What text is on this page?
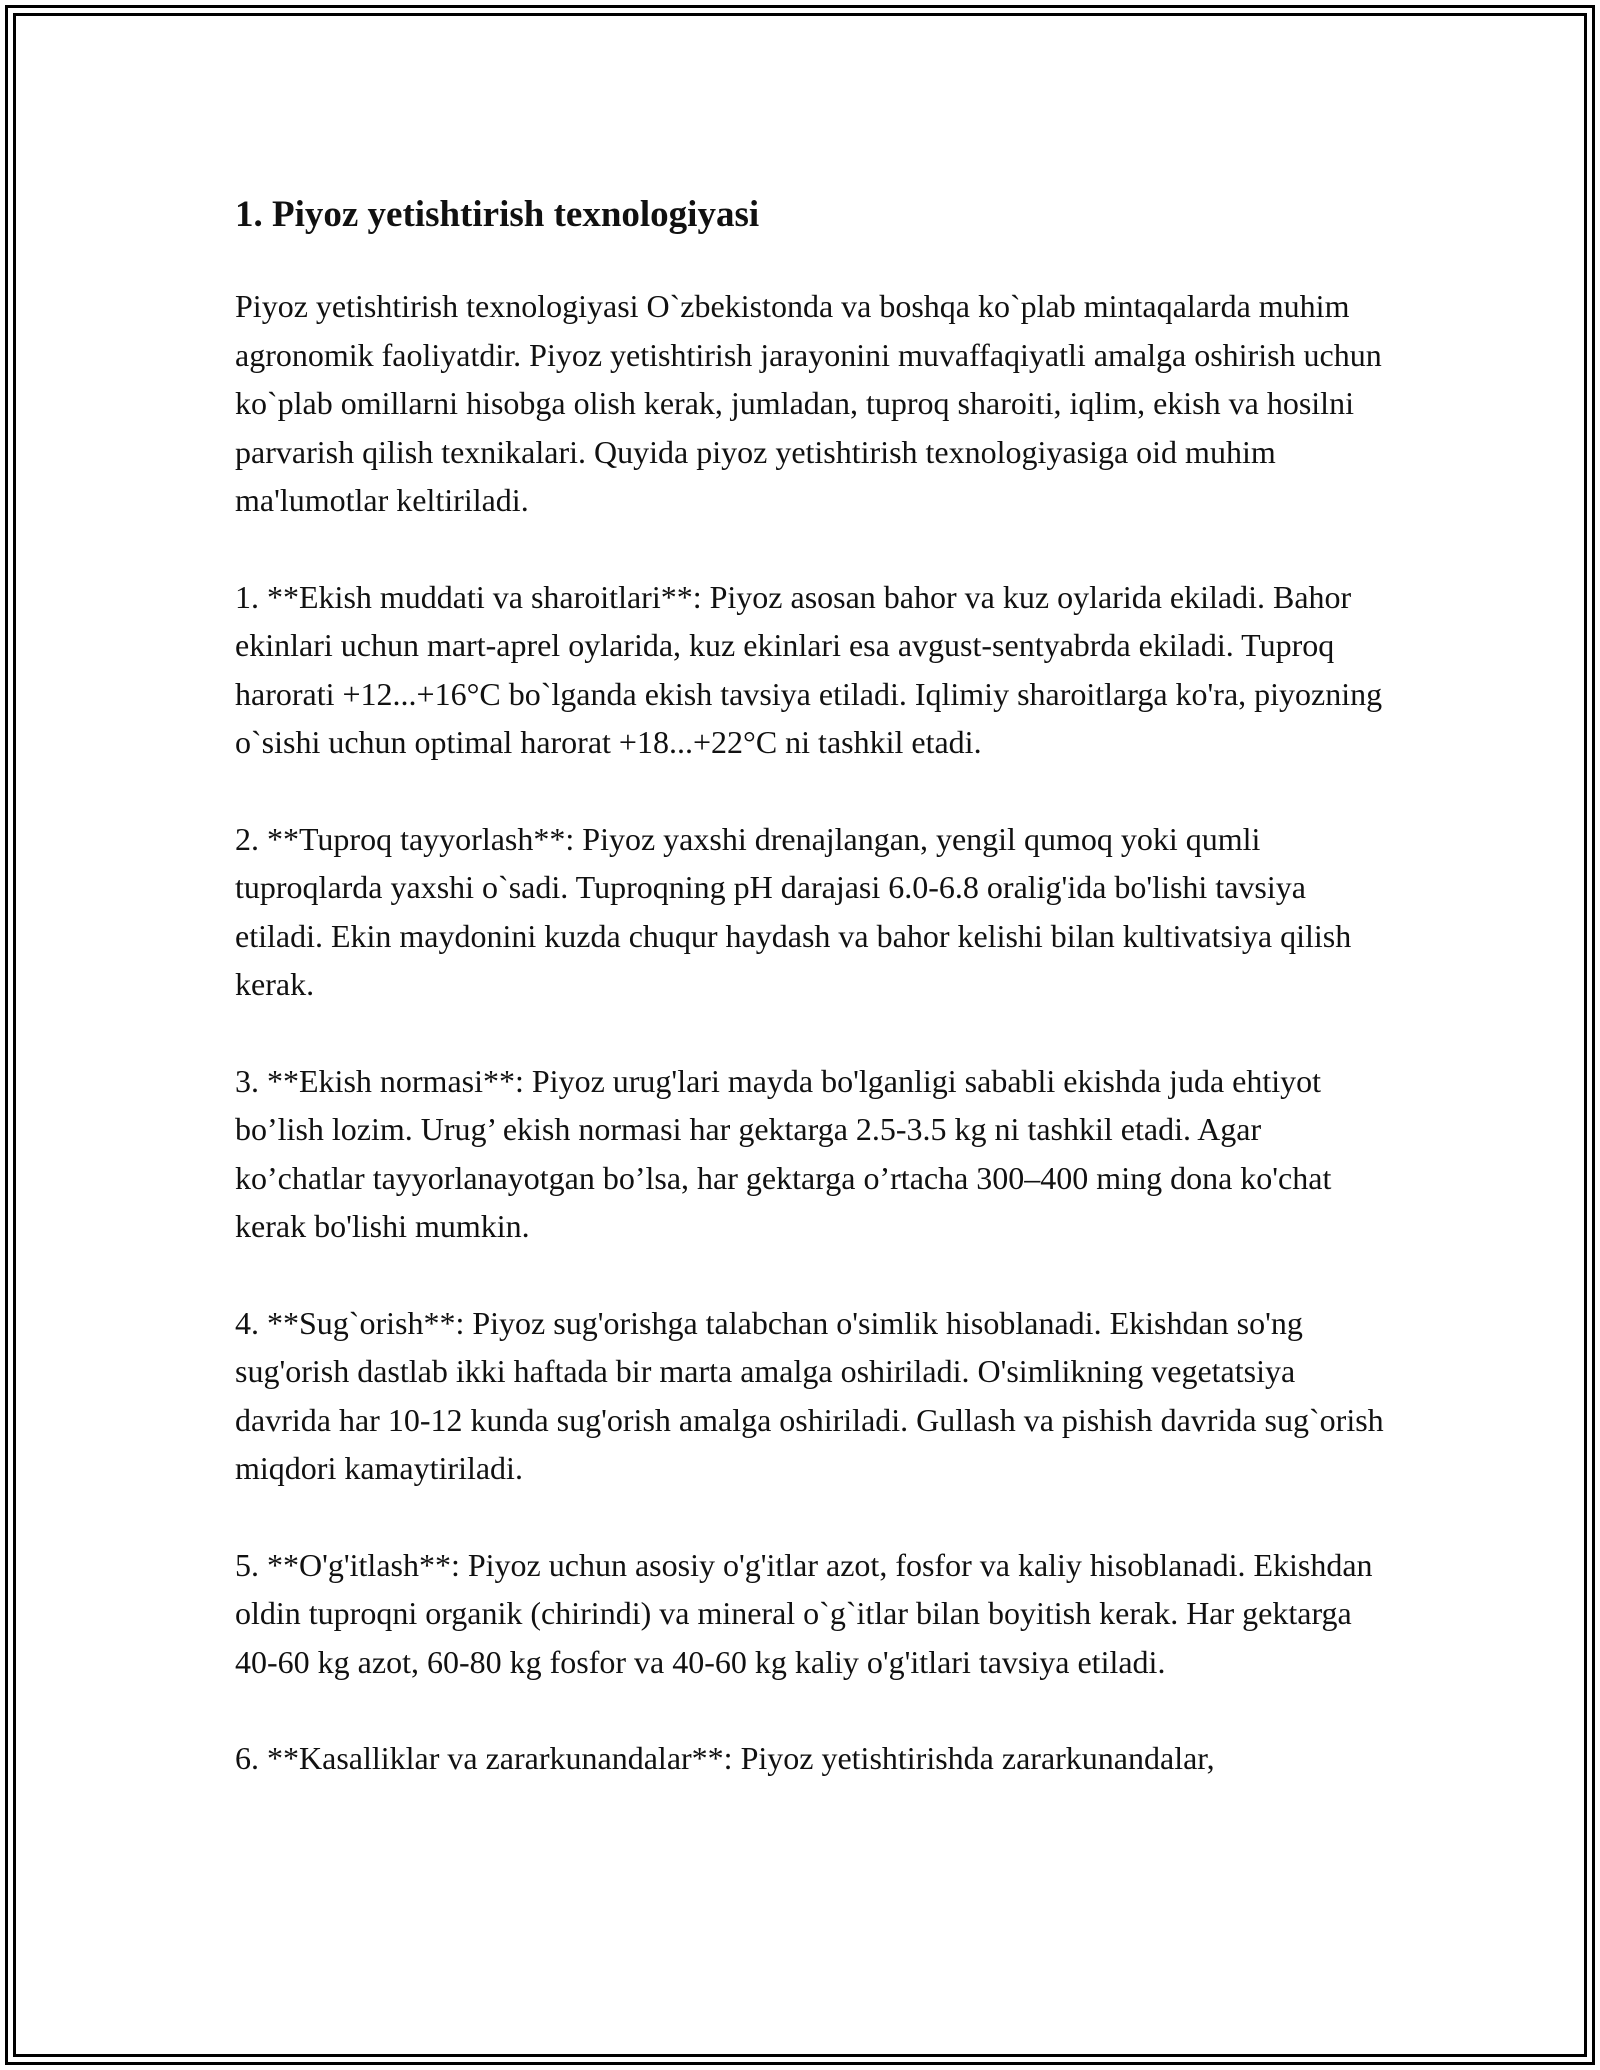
1. Piyoz yetishtirish texnologiyasi

Piyoz yetishtirish texnologiyasi O`zbekistonda va boshqa ko`plab mintaqalarda muhim agronomik faoliyatdir. Piyoz yetishtirish jarayonini muvaffaqiyatli amalga oshirish uchun ko`plab omillarni hisobga olish kerak, jumladan, tuproq sharoiti, iqlim, ekish va hosilni parvarish qilish texnikalari. Quyida piyoz yetishtirish texnologiyasiga oid muhim ma'lumotlar keltiriladi.

1. **Ekish muddati va sharoitlari**: Piyoz asosan bahor va kuz oylarida ekiladi. Bahor ekinlari uchun mart-aprel oylarida, kuz ekinlari esa avgust-sentyabrda ekiladi. Tuproq harorati +12...+16°C bo`lganda ekish tavsiya etiladi. Iqlimiy sharoitlarga ko'ra, piyozning o`sishi uchun optimal harorat +18...+22°C ni tashkil etadi.

2. **Tuproq tayyorlash**: Piyoz yaxshi drenajlangan, yengil qumoq yoki qumli tuproqlarda yaxshi o`sadi. Tuproqning pH darajasi 6.0-6.8 oralig'ida bo'lishi tavsiya etiladi. Ekin maydonini kuzda chuqur haydash va bahor kelishi bilan kultivatsiya qilish kerak.

3. **Ekish normasi**: Piyoz urug'lari mayda bo'lganligi sababli ekishda juda ehtiyot bo’lish lozim. Urug’ ekish normasi har gektarga 2.5-3.5 kg ni tashkil etadi. Agar ko’chatlar tayyorlanayotgan bo’lsa, har gektarga o’rtacha 300–400 ming dona ko'chat kerak bo'lishi mumkin.

4. **Sug`orish**: Piyoz sug'orishga talabchan o'simlik hisoblanadi. Ekishdan so'ng sug'orish dastlab ikki haftada bir marta amalga oshiriladi. O'simlikning vegetatsiya davrida har 10-12 kunda sug'orish amalga oshiriladi. Gullash va pishish davrida sug`orish miqdori kamaytiriladi.

5. **O'g'itlash**: Piyoz uchun asosiy o'g'itlar azot, fosfor va kaliy hisoblanadi. Ekishdan oldin tuproqni organik (chirindi) va mineral o`g`itlar bilan boyitish kerak. Har gektarga 40-60 kg azot, 60-80 kg fosfor va 40-60 kg kaliy o'g'itlari tavsiya etiladi.

6. **Kasalliklar va zararkunandalar**: Piyoz yetishtirishda zararkunandalar,
